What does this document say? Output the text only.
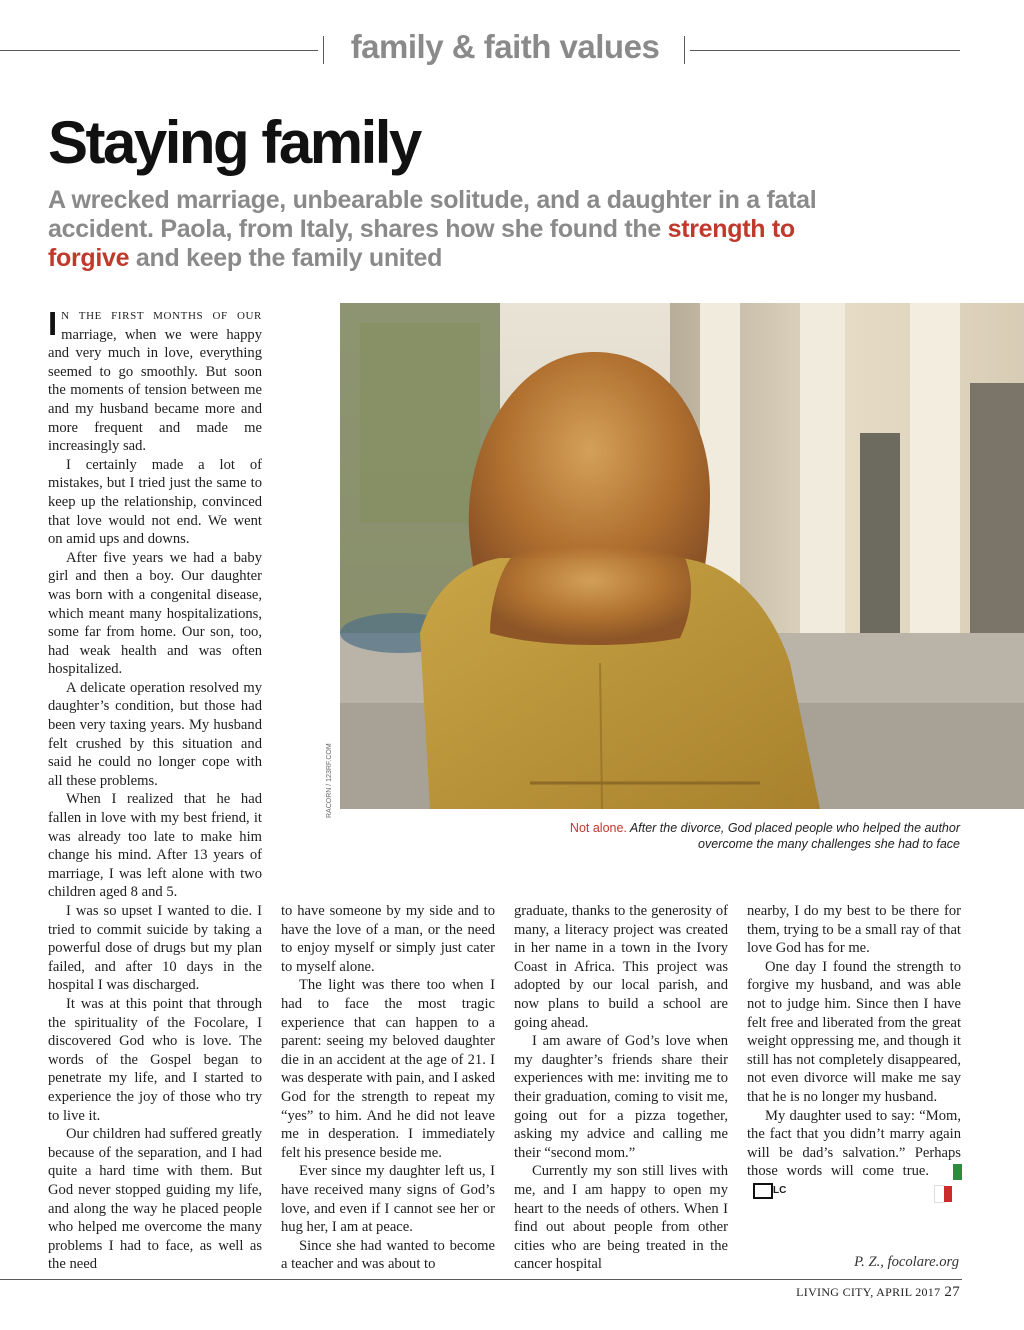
family & faith values
Staying family
A wrecked marriage, unbearable solitude, and a daughter in a fatal accident. Paola, from Italy, shares how she found the strength to forgive and keep the family united
RACORN / 123RF.COM
Not alone. After the divorce, God placed people who helped the author overcome the many challenges she had to face

I N THE FIRST MONTHS OF OUR marriage, when we were happy and very much in love, everything seemed to go smoothly. But soon the moments of tension between me and my husband became more and more frequent and made me increasingly sad.

I certainly made a lot of mistakes, but I tried just the same to keep up the relationship, convinced that love would not end. We went on amid ups and downs.

After five years we had a baby girl and then a boy. Our daughter was born with a congenital disease, which meant many hospitalizations, some far from home. Our son, too, had weak health and was often hospitalized.

A delicate operation resolved my daughter’s condition, but those had been very taxing years. My husband felt crushed by this situation and said he could no longer cope with all these problems.

When I realized that he had fallen in love with my best friend, it was already too late to make him change his mind. After 13 years of marriage, I was left alone with two children aged 8 and 5.

I was so upset I wanted to die. I tried to commit suicide by taking a powerful dose of drugs but my plan failed, and after 10 days in the hospital I was discharged.

It was at this point that through the spirituality of the Focolare, I discovered God who is love. The words of the Gospel began to penetrate my life, and I started to experience the joy of those who try to live it.

Our children had suffered greatly because of the separation, and I had quite a hard time with them. But God never stopped guiding my life, and along the way he placed people who helped me overcome the many problems I had to face, as well as the need

to have someone by my side and to have the love of a man, or the need to enjoy myself or simply just cater to myself alone.

The light was there too when I had to face the most tragic experience that can happen to a parent: seeing my beloved daughter die in an accident at the age of 21. I was desperate with pain, and I asked God for the strength to repeat my “yes” to him. And he did not leave me in desperation. I immediately felt his presence beside me.

Ever since my daughter left us, I have received many signs of God’s love, and even if I cannot see her or hug her, I am at peace.

Since she had wanted to become a teacher and was about to

graduate, thanks to the generosity of many, a literacy project was created in her name in a town in the Ivory Coast in Africa. This project was adopted by our local parish, and now plans to build a school are going ahead.

I am aware of God’s love when my daughter’s friends share their experiences with me: inviting me to their graduation, coming to visit me, going out for a pizza together, asking my advice and calling me their “second mom.”

Currently my son still lives with me, and I am happy to open my heart to the needs of others. When I find out about people from other cities who are being treated in the cancer hospital

nearby, I do my best to be there for them, trying to be a small ray of that love God has for me.

One day I found the strength to forgive my husband, and was able not to judge him. Since then I have felt free and liberated from the great weight oppressing me, and though it still has not completely disappeared, not even divorce will make me say that he is no longer my husband.

My daughter used to say: “Mom, the fact that you didn’t marry again will be dad’s salvation.” Perhaps those words will come true.LC

P. Z., focolare.org
LIVING CITY, APRIL 2017 27
